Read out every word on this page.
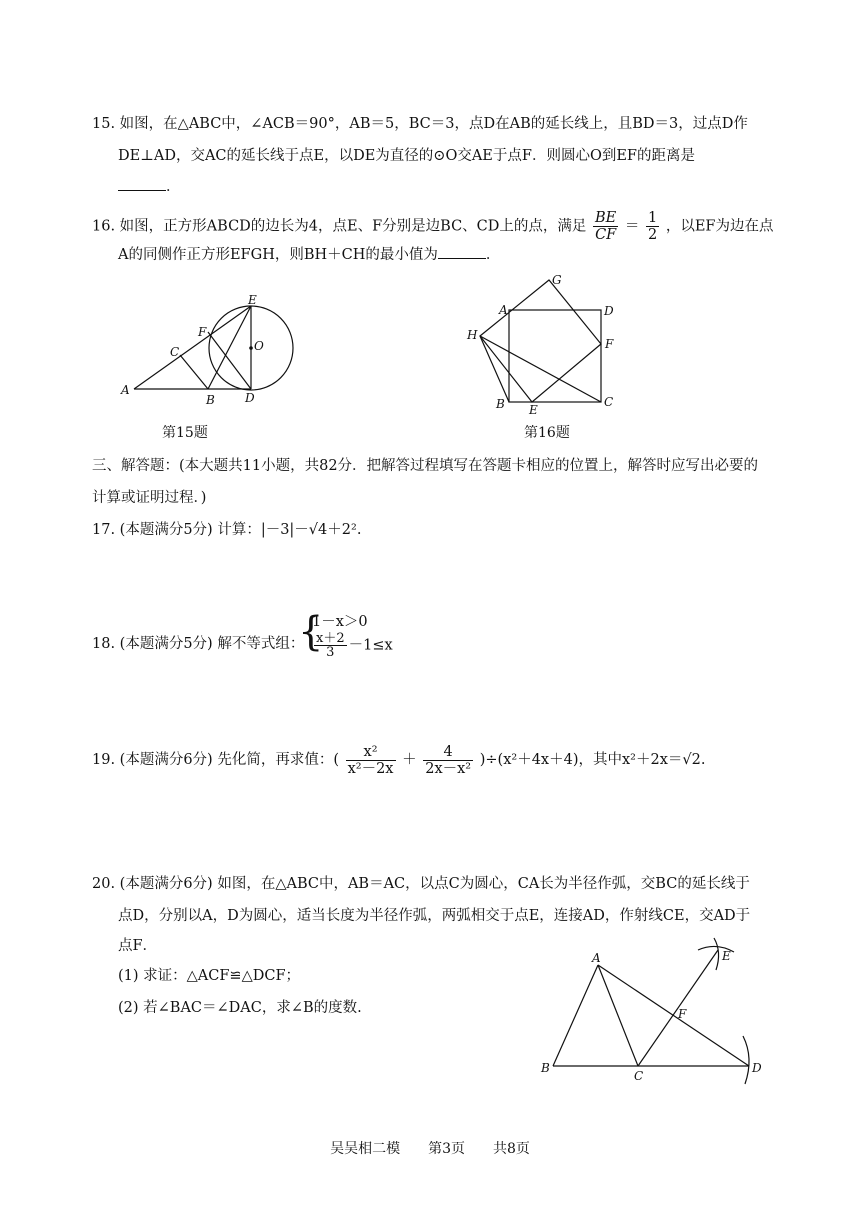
15. 如图，在△ABC中，∠ACB＝90°，AB＝5，BC＝3，点D在AB的延长线上，且BD＝3，过点D作
DE⊥AD，交AC的延长线于点E，以DE为直径的⊙O交AE于点F．则圆心O到EF的距离是
．
16. 如图，正方形ABCD的边长为4，点E、F分别是边BC、CD上的点，满足 $\frac{BE}{CF} = \frac{1}{2}$ ，以EF为边在点
A的同侧作正方形EFGH，则BH＋CH的最小值为	．
A
B
C
D
E
F
O
第15题
A
B	C
D
E
F
G
H
第16题
三、解答题：(本大题共11小题，共82分．把解答过程填写在答题卡相应的位置上，解答时应写出必要的
计算或证明过程．)
17. (本题满分5分) 计算：|－3|－√4＋2².
18. (本题满分5分) 解不等式组：
{
1－x＞0
$\frac{x+2}{3} -1\le x$
19. (本题满分6分) 先化简，再求值：( $\frac{\text{x²}}{\text{x²－2x}} + \frac{4}{\text{2x－x²}} )\div(x^2+4x+4)$，其中x²＋2x＝√2.
20. (本题满分6分) 如图，在△ABC中，AB＝AC，以点C为圆心，CA长为半径作弧，交BC的延长线于
点D，分别以A，D为圆心，适当长度为半径作弧，两弧相交于点E，连接AD，作射线CE，交AD于
点F．
(1) 求证：△ACF≌△DCF；
(2) 若∠BAC＝∠DAC，求∠B的度数.
A
B
C
D
E
F
吴吴相二模　　第3页　　共8页
